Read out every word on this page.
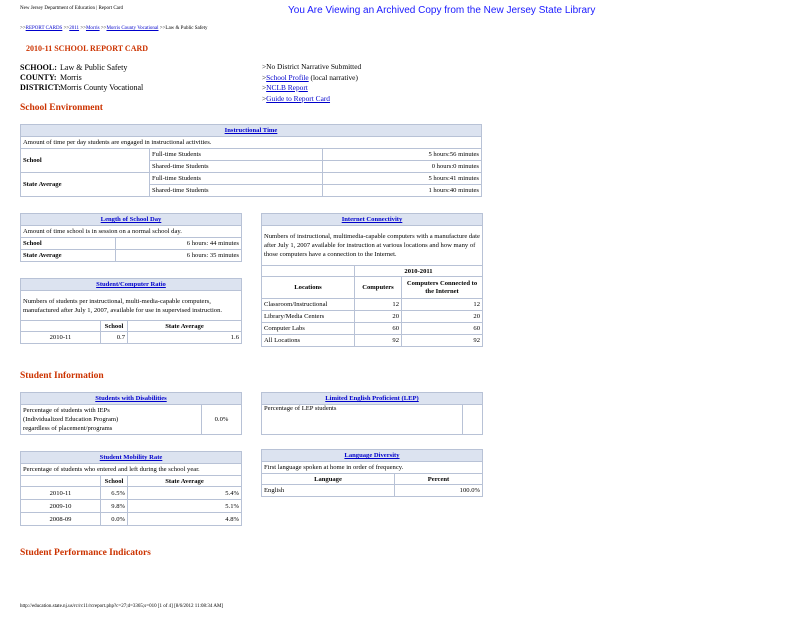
New Jersey Department of Education | Report Card	You Are Viewing an Archived Copy from the New Jersey State Library
>>REPORT CARDS >>2011 >>Morris >>Morris County Vocational >>Law & Public Safety
2010-11 SCHOOL REPORT CARD
SCHOOL: Law & Public Safety
COUNTY: Morris
DISTRICT: Morris County Vocational
>No District Narrative Submitted
>School Profile (local narrative)
>NCLB Report
>Guide to Report Card
School Environment
Instructional Time		
Amount of time per day students are engaged in instructional activities.		
School	Full-time Students	5 hours:56 minutes
	Shared-time Students	0 hours:0 minutes
State Average	Full-time Students	5 hours:41 minutes
	Shared-time Students	1 hours:40 minutes
Length of School Day	
Amount of time school is in session on a normal school day.	
School	6 hours: 44 minutes
State Average	6 hours: 35 minutes
Student/Computer Ratio		
Numbers of students per instructional, multi-media-capable computers, manufactured after July 1, 2007, available for use in supervised instruction.		
	School	State Average
2010-11	0.7	1.6
Internet Connectivity		
Numbers of instructional, multimedia-capable computers with a manufacture date after July 1, 2007 available for instruction at various locations and how many of those computers have a connection to the Internet.		
	2010-2011	
Locations	Computers	Computers Connected to the Internet
Classroom/Instructional	12	12
Library/Media Centers	20	20
Computer Labs	60	60
All Locations	92	92
Student Information
Students with Disabilities

Percentage of students with IEPs
(Individualized Education Program)
regardless of placement/programs
	0.0%
Limited English Proficient (LEP)
Percentage of LEP students	
Student Mobility Rate		
Percentage of students who entered and left during the school year.		
	School	State Average
2010-11	6.5%	5.4%
2009-10	9.8%	5.1%
2008-09	0.0%	4.8%
Language Diversity	
First language spoken at home in order of frequency.	
Language	Percent
English	100.0%
Student Performance Indicators
http://education.state.nj.us/rc/rc11/rcreport.php?c=27;d=3365;s=010 [1 of 4] [8/6/2012 11:08:34 AM]
